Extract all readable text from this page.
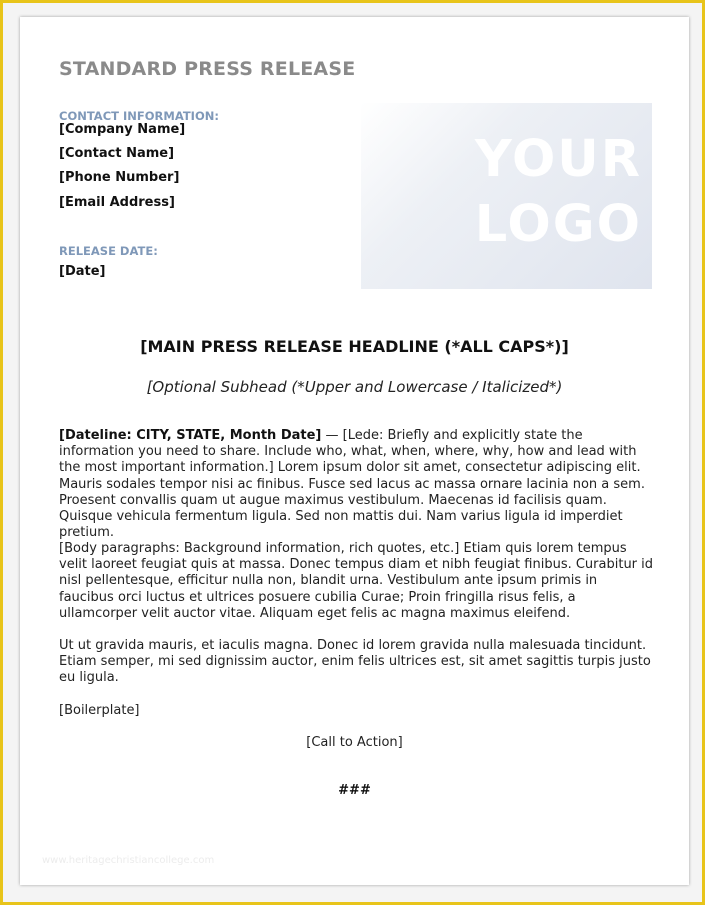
STANDARD PRESS RELEASE
CONTACT INFORMATION:
[Company Name]
[Contact Name]
[Phone Number]
[Email Address]
RELEASE DATE:
[Date]
YOUR
LOGO
[MAIN PRESS RELEASE HEADLINE (*ALL CAPS*)]
[Optional Subhead (*Upper and Lowercase / Italicized*)
[Dateline: CITY, STATE, Month Date] — [Lede: Briefly and explicitly state the information you need to share. Include who, what, when, where, why, how and lead with the most important information.] Lorem ipsum dolor sit amet, consectetur adipiscing elit. Mauris sodales tempor nisi ac finibus. Fusce sed lacus ac massa ornare lacinia non a sem. Proesent convallis quam ut augue maximus vestibulum. Maecenas id facilisis quam. Quisque vehicula fermentum ligula. Sed non mattis dui. Nam varius ligula id imperdiet pretium.
[Body paragraphs: Background information, rich quotes, etc.] Etiam quis lorem tempus velit laoreet feugiat quis at massa. Donec tempus diam et nibh feugiat finibus. Curabitur id nisl pellentesque, efficitur nulla non, blandit urna. Vestibulum ante ipsum primis in faucibus orci luctus et ultrices posuere cubilia Curae; Proin fringilla risus felis, a ullamcorper velit auctor vitae. Aliquam eget felis ac magna maximus eleifend.
Ut ut gravida mauris, et iaculis magna. Donec id lorem gravida nulla malesuada tincidunt. Etiam semper, mi sed dignissim auctor, enim felis ultrices est, sit amet sagittis turpis justo eu ligula.
[Boilerplate]
[Call to Action]
###
www.heritagechristiancollege.com
